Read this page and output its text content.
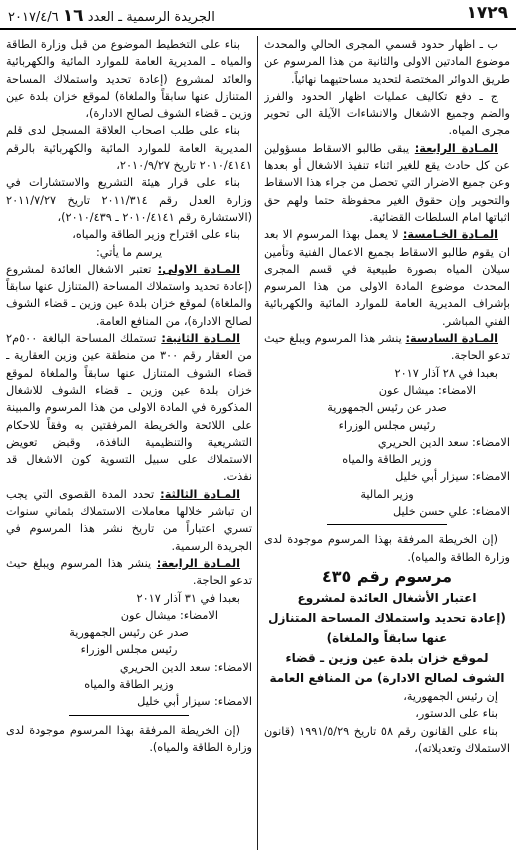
١٧٢٩
الجريدة الرسمية ـ العدد ١٦ ٢٠١٧/٤/٦

ب ـ اظهار حدود قسمي المجرى الحالي والمحدث موضوع المادتين الاولى والثانية من هذا المرسوم عن طريق الدوائر المختصة لتحديد مساحتيهما نهائياً.

ج ـ دفع تكاليف عمليات اظهار الحدود والفرز والضم وجميع الاشغال والانشاءات الآيلة الى تحوير مجرى المياه.

المـادة الرابعة: يبقى طالبو الاسقاط مسؤولين عن كل حادث يقع للغير اثناء تنفيذ الاشغال أو بعدها وعن جميع الاضرار التي تحصل من جراء هذا الاسقاط والتحوير وإن حقوق الغير محفوظة حتما ولهم حق اثباتها امام السلطات القضائية.

المـادة الخـامسة: لا يعمل بهذا المرسوم الا بعد ان يقوم طالبو الاسقاط بجميع الاعمال الفنية وتأمين سيلان المياه بصورة طبيعية في قسم المجرى المحدث موضوع المادة الاولى من هذا المرسوم بإشراف المديرية العامة للموارد المائية والكهربائية الفني المباشر.

المـادة السادسة: ينشر هذا المرسوم ويبلغ حيث تدعو الحاجة.

بعبدا في ٢٨ آذار ٢٠١٧

الامضاء: ميشال عون

صدر عن رئيس الجمهورية

رئيس مجلس الوزراء

الامضاء: سعد الدين الحريري

وزير الطاقة والمياه

الامضاء: سيزار أبي خليل

وزير المالية

الامضاء: علي حسن خليل

(إن الخريطة المرفقة بهذا المرسوم موجودة لدى وزارة الطاقة والمياه).

مرسوم رقم ٤٣٥

اعتبار الأشغال العائدة لمشروع

(إعادة تحديد واستملاك المساحة المتنازل عنها سابقاً والملغاة)

لموقع خزان بلدة عين وزين ـ قضاء الشوف لصالح الادارة) من المنافع العامة

إن رئيس الجمهورية،

بناء على الدستور،

بناء على القانون رقم ٥٨ تاريخ ١٩٩١/٥/٢٩ (قانون الاستملاك وتعديلاته)،

بناء على التخطيط الموضوع من قبل وزارة الطاقة والمياه ـ المديرية العامة للموارد المائية والكهربائية والعائد لمشروع (إعادة تحديد واستملاك المساحة المتنازل عنها سابقاً والملغاة) لموقع خزان بلدة عين وزين ـ قضاء الشوف لصالح الادارة)،

بناء على طلب اصحاب العلاقة المسجل لدى قلم المديرية العامة للموارد المائية والكهربائية بالرقم ٢٠١٠/٤١٤١ تاريخ ٢٠١٠/٩/٢٧،

بناء على قرار هيئة التشريع والاستشارات في وزارة العدل رقم ٢٠١١/٣١٤ تاريخ ٢٠١١/٧/٢٧ (الاستشارة رقم ٢٠١٠/٤١٤١ ـ ٢٠١٠/٤٣٩)،

بناء على اقتراح وزير الطاقة والمياه،

يرسم ما يأتي:

المـادة الاولى: تعتبر الاشغال العائدة لمشروع (إعادة تحديد واستملاك المساحة (المتنازل عنها سابقاً والملغاة) لموقع خزان بلدة عين وزين ـ قضاء الشوف لصالح الادارة)، من المنافع العامة.

المـادة الثانية: تستملك المساحة البالغة ٥٠٠م٢ من العقار رقم ٣٠٠ من منطقة عين وزين العقارية ـ قضاء الشوف المتنازل عنها سابقاً والملغاة لموقع خزان بلدة عين وزين ـ قضاء الشوف للاشغال المذكورة في المادة الاولى من هذا المرسوم والمبينة على اللائحة والخريطة المرفقتين به وفقاً للاحكام التشريعية والتنظيمية النافذة، وقبض تعويض الاستملاك على سبيل التسوية كون الاشغال قد نفذت.

المـادة الثالثة: تحدد المدة القصوى التي يجب ان تباشر خلالها معاملات الاستملاك بثماني سنوات تسري اعتباراً من تاريخ نشر هذا المرسوم في الجريدة الرسمية.

المـادة الرابعة: ينشر هذا المرسوم ويبلغ حيث تدعو الحاجة.

بعبدا في ٣١ آذار ٢٠١٧

الامضاء: ميشال عون

صدر عن رئيس الجمهورية

رئيس مجلس الوزراء

الامضاء: سعد الدين الحريري

وزير الطاقة والمياه

الامضاء: سيزار أبي خليل

(إن الخريطة المرفقة بهذا المرسوم موجودة لدى وزارة الطاقة والمياه).
